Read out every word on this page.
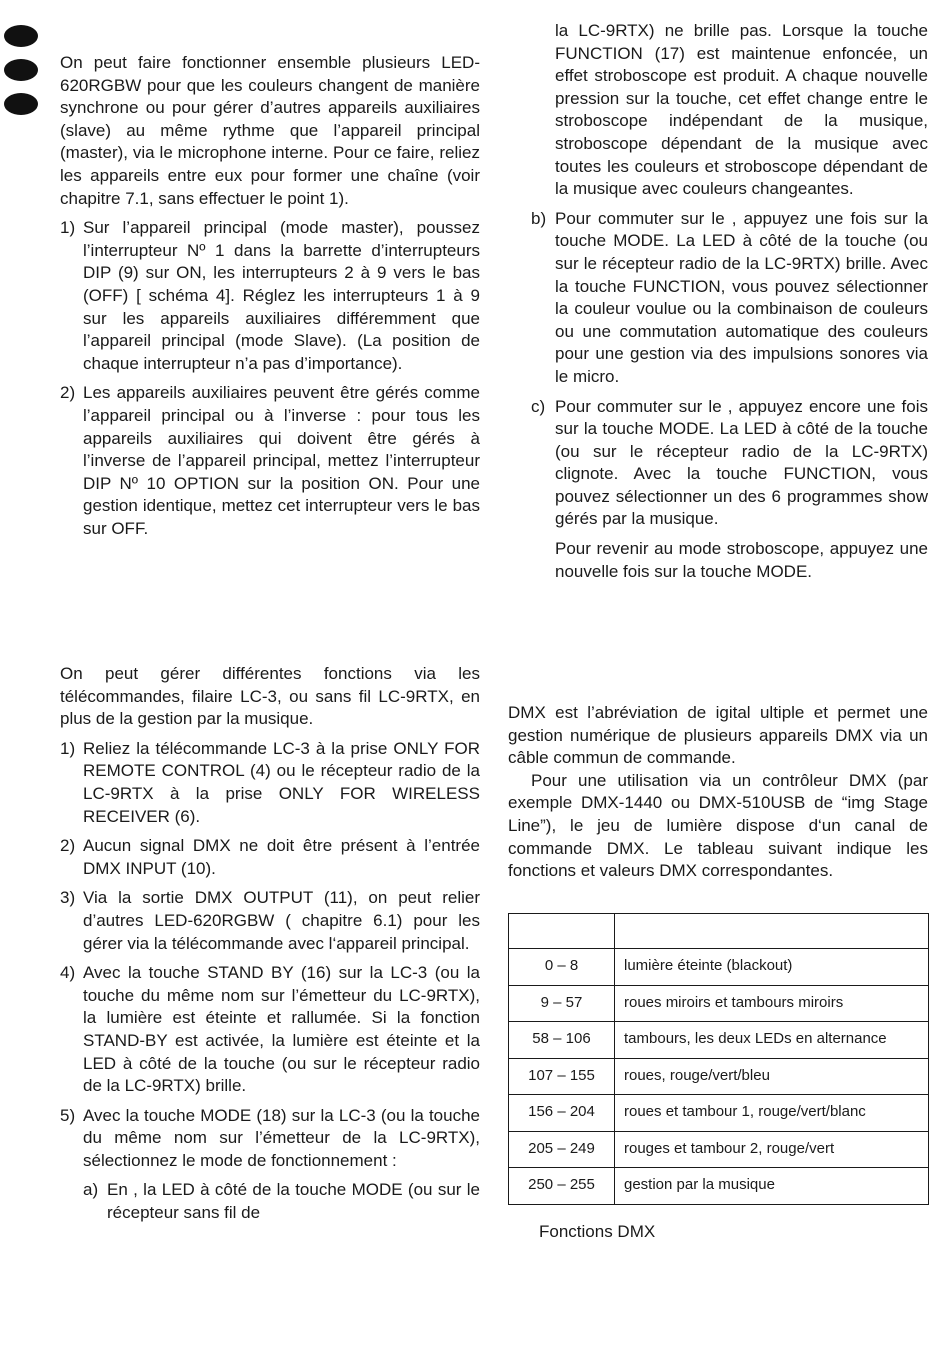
On peut faire fonctionner ensemble plusieurs LED-620RGBW pour que les couleurs changent de manière synchrone ou pour gérer d’autres appareils auxiliaires (slave) au même rythme que l’appareil principal (master), via le microphone interne. Pour ce faire, reliez les appareils entre eux pour former une chaîne (voir chapitre 7.1, sans effectuer le point 1).

1) Sur l’appareil principal (mode master), poussez l’interrupteur Nº 1 dans la barrette d’interrupteurs DIP (9) sur ON, les interrupteurs 2 à 9 vers le bas (OFF) [ schéma 4]. Réglez les interrupteurs 1 à 9 sur les appareils auxiliaires différemment que l’appareil principal (mode Slave). (La position de chaque interrupteur n’a pas d’importance).
2) Les appareils auxiliaires peuvent être gérés comme l’appareil principal ou à l’inverse : pour tous les appareils auxiliaires qui doivent être gérés à l’inverse de l’appareil principal, mettez l’interrupteur DIP Nº 10 OPTION sur la position ON. Pour une gestion identique, mettez cet interrupteur vers le bas sur OFF.

On peut gérer différentes fonctions via les télécommandes, filaire LC-3, ou sans fil LC-9RTX, en plus de la gestion par la musique.

1) Reliez la télécommande LC-3 à la prise ONLY FOR REMOTE CONTROL (4) ou le récepteur radio de la LC-9RTX à la prise ONLY FOR WIRELESS RECEIVER (6).
2) Aucun signal DMX ne doit être présent à l’entrée DMX INPUT (10).
3) Via la sortie DMX OUTPUT (11), on peut relier d’autres LED-620RGBW ( chapitre 6.1) pour les gérer via la télécommande avec l‘appareil principal.
4) Avec la touche STAND BY (16) sur la LC-3 (ou la touche du même nom sur l’émetteur du LC-9RTX), la lumière est éteinte et rallumée. Si la fonction STAND-BY est activée, la lumière est éteinte et la LED à côté de la touche (ou sur le récepteur radio de la LC-9RTX) brille.
5) Avec la touche MODE (18) sur la LC-3 (ou la touche du même nom sur l’émetteur de la LC-9RTX), sélectionnez le mode de fonctionnement :
a) En , la LED à côté de la touche MODE (ou sur le récepteur sans fil de
la LC-9RTX) ne brille pas. Lorsque la touche FUNCTION (17) est maintenue enfoncée, un effet stroboscope est produit. A chaque nouvelle pression sur la touche, cet effet change entre le stroboscope indépendant de la musique, stroboscope dépendant de la musique avec toutes les couleurs et stroboscope dépendant de la musique avec couleurs changeantes.
b) Pour commuter sur le , appuyez une fois sur la touche MODE. La LED à côté de la touche (ou sur le récepteur radio de la LC-9RTX) brille. Avec la touche FUNCTION, vous pouvez sélectionner la couleur voulue ou la combinaison de couleurs ou une commutation automatique des couleurs pour une gestion via des impulsions sonores via le micro.
c) Pour commuter sur le , appuyez encore une fois sur la touche MODE. La LED à côté de la touche (ou sur le récepteur radio de la LC-9RTX) clignote. Avec la touche FUNCTION, vous pouvez sélectionner un des 6 programmes show gérés par la musique.

Pour revenir au mode stroboscope, appuyez une nouvelle fois sur la touche MODE.

DMX est l’abréviation de igital ultiple et permet une gestion numérique de plusieurs appareils DMX via un câble commun de commande.

Pour une utilisation via un contrôleur DMX (par exemple DMX-1440 ou DMX-510USB de “img Stage Line”), le jeu de lumière dispose d‘un canal de commande DMX. Le tableau suivant indique les fonctions et valeurs DMX correspondantes.

0 – 8	lumière éteinte (blackout)
9 – 57	roues miroirs et tambours miroirs
58 – 106	tambours, les deux LEDs en alternance
107 – 155	roues, rouge/vert/bleu
156 – 204	roues et tambour 1, rouge/vert/blanc
205 – 249	rouges et tambour 2, rouge/vert
250 – 255	gestion par la musique
Fonctions DMX
